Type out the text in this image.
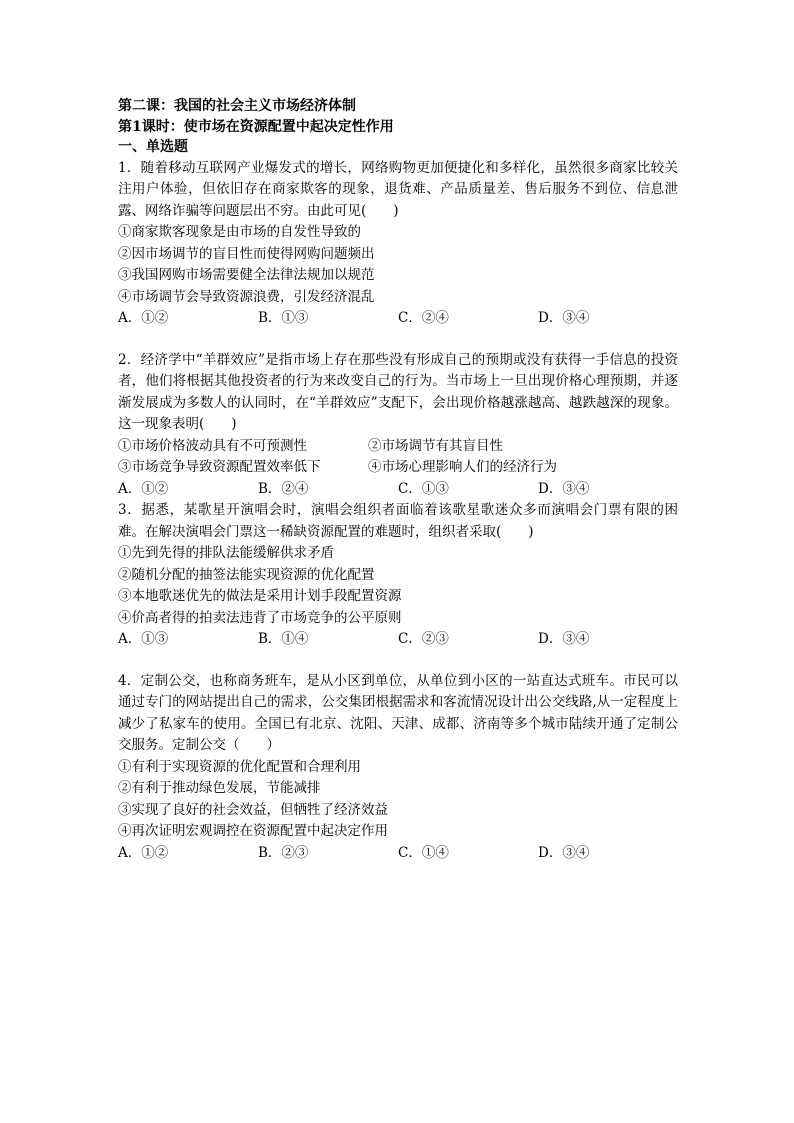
第二课：我国的社会主义市场经济体制
第1课时：使市场在资源配置中起决定性作用
一、单选题
1．随着移动互联网产业爆发式的增长，网络购物更加便捷化和多样化，虽然很多商家比较关注用户体验，但依旧存在商家欺客的现象，退货难、产品质量差、售后服务不到位、信息泄露、网络诈骗等问题层出不穷。由此可见(　　)
①商家欺客现象是由市场的自发性导致的
②因市场调节的盲目性而使得网购问题频出
③我国网购市场需要健全法律法规加以规范
④市场调节会导致资源浪费，引发经济混乱
A．①②	B．①③	C．②④	D．③④
2．经济学中“羊群效应”是指市场上存在那些没有形成自己的预期或没有获得一手信息的投资者，他们将根据其他投资者的行为来改变自己的行为。当市场上一旦出现价格心理预期，并逐渐发展成为多数人的认同时，在“羊群效应”支配下，会出现价格越涨越高、越跌越深的现象。这一现象表明(　　)
①市场价格波动具有不可预测性	②市场调节有其盲目性
③市场竞争导致资源配置效率低下	④市场心理影响人们的经济行为
A．①②	B．②④	C．①③	D．③④
3．据悉，某歌星开演唱会时，演唱会组织者面临着该歌星歌迷众多而演唱会门票有限的困难。在解决演唱会门票这一稀缺资源配置的难题时，组织者采取(　　)
①先到先得的排队法能缓解供求矛盾
②随机分配的抽签法能实现资源的优化配置
③本地歌迷优先的做法是采用计划手段配置资源
④价高者得的拍卖法违背了市场竞争的公平原则
A．①③	B．①④	C．②③	D．③④
4．定制公交，也称商务班车，是从小区到单位，从单位到小区的一站直达式班车。市民可以通过专门的网站提出自己的需求，公交集团根据需求和客流情况设计出公交线路,从一定程度上减少了私家车的使用。全国已有北京、沈阳、天津、成都、济南等多个城市陆续开通了定制公交服务。定制公交（　　）
①有利于实现资源的优化配置和合理利用
②有利于推动绿色发展，节能减排
③实现了良好的社会效益，但牺牲了经济效益
④再次证明宏观调控在资源配置中起决定作用
A．①②	B．②③	C．①④	D．③④
